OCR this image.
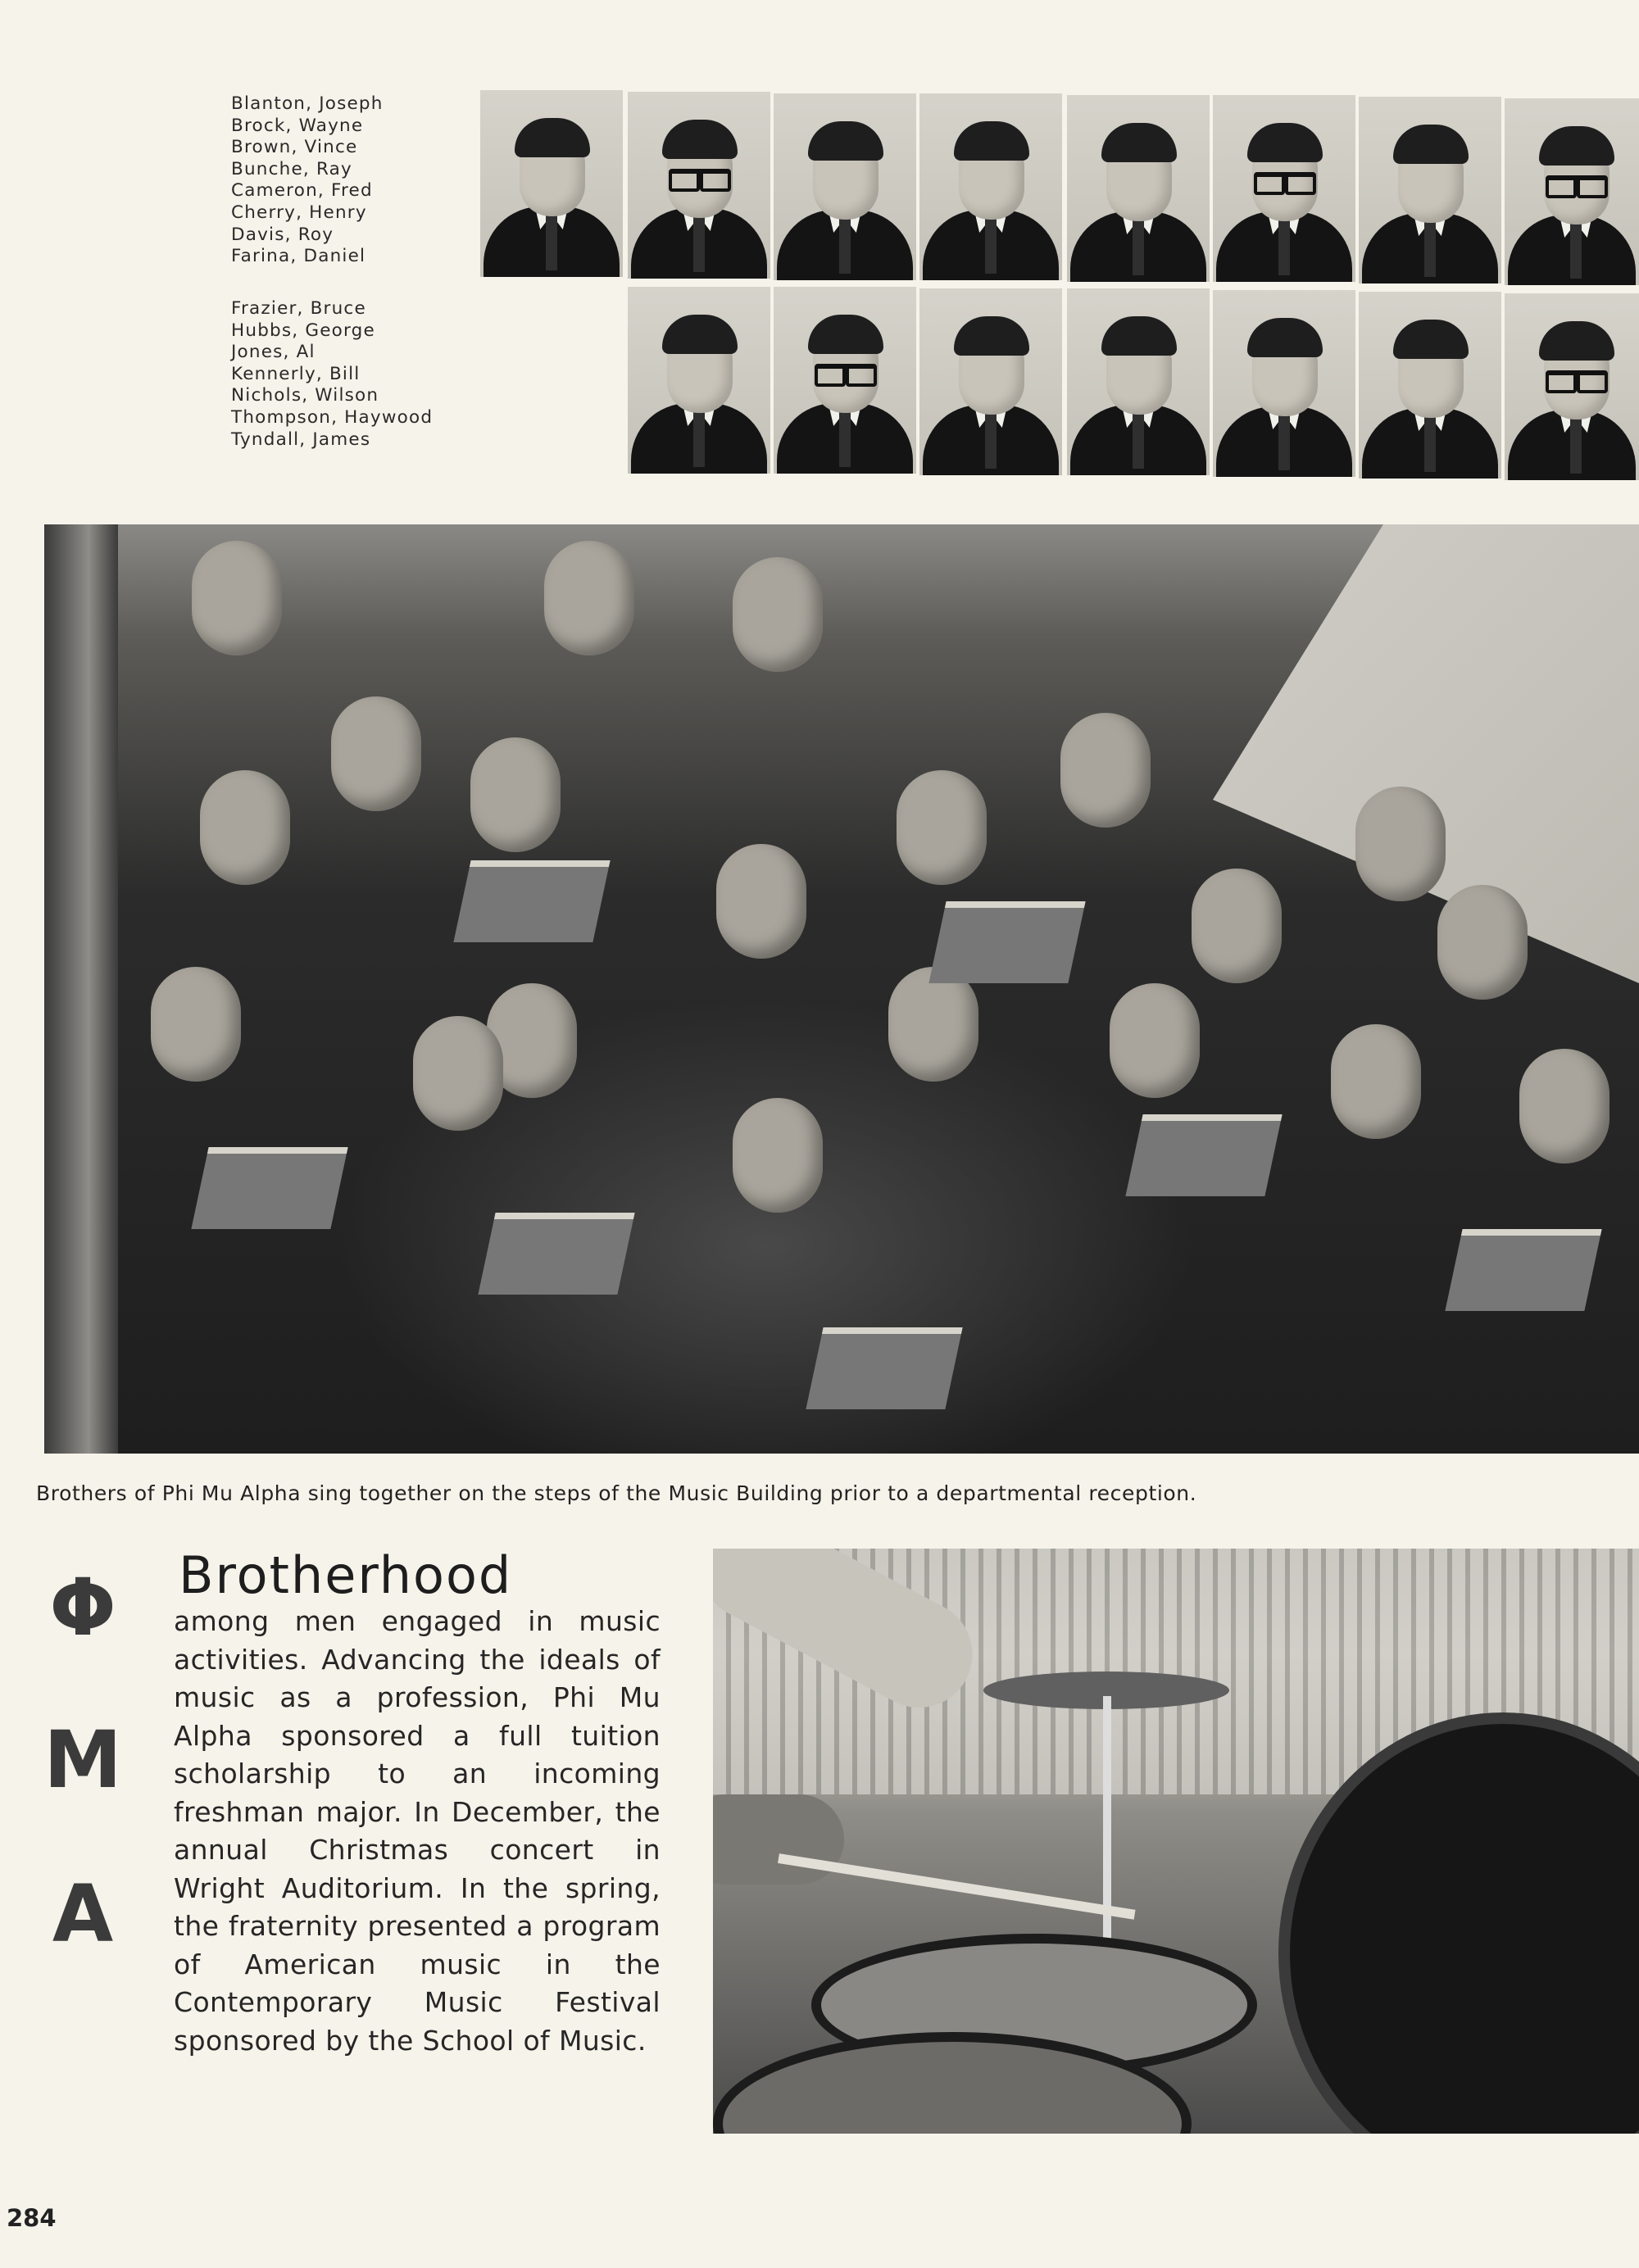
Blanton, Joseph
Brock, Wayne
Brown, Vince
Bunche, Ray
Cameron, Fred
Cherry, Henry
Davis, Roy
Farina, Daniel
Frazier, Bruce
Hubbs, George
Jones, Al
Kennerly, Bill
Nichols, Wilson
Thompson, Haywood
Tyndall, James

Brothers of Phi Mu Alpha sing together on the steps of the Music Building prior to a departmental reception.

Φ

M

A

Brotherhood

among men engaged in music activities. Advancing the ideals of music as a profession, Phi Mu Alpha sponsored a full tuition scholarship to an incoming freshman major. In December, the annual Christmas concert in Wright Auditorium. In the spring, the fraternity presented a program of American music in the Contemporary Music Festival sponsored by the School of Music.

284
